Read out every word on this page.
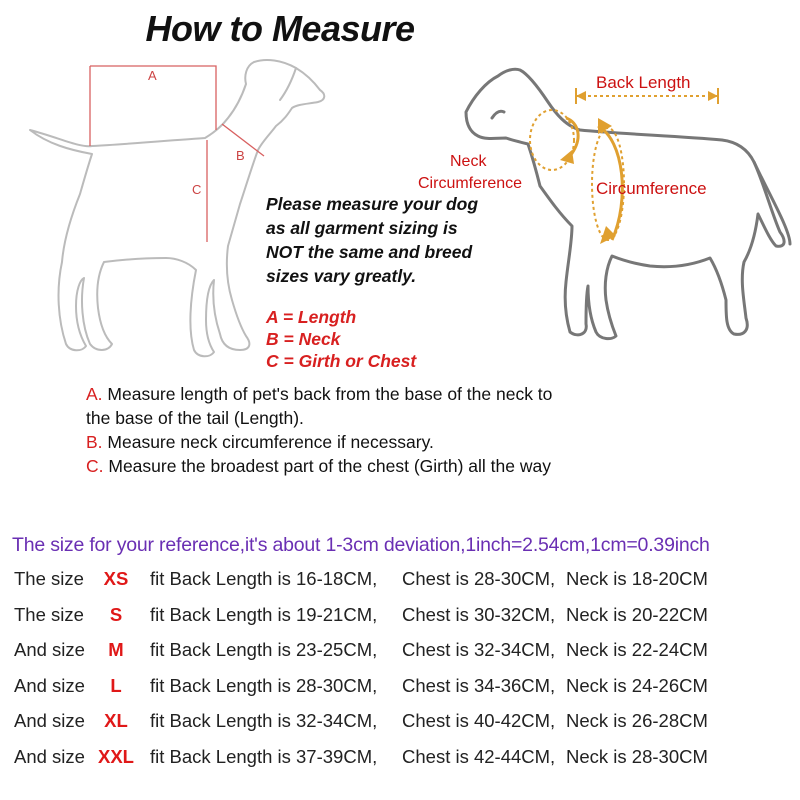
How to Measure
A
B
C
Back Length
Neck
Circumference	Circumference
Please measure your dog
as all garment sizing is
NOT the same and breed
sizes vary greatly.
A = Length
B = Neck
C = Girth or Chest
A. Measure length of pet's back from the base of the neck to
the base of the tail (Length).
B. Measure neck circumference if necessary.
C. Measure the broadest part of the chest (Girth) all the way
The size for your reference,it's about 1-3cm deviation,1inch=2.54cm,1cm=0.39inch
The size	XS	fit Back Length is 16-18CM, Chest is 28-30CM, Neck is 18-20CM
The size	S	fit Back Length is 19-21CM, Chest is 30-32CM, Neck is 20-22CM
And size	M	fit Back Length is 23-25CM, Chest is 32-34CM, Neck is 22-24CM
And size	L	fit Back Length is 28-30CM, Chest is 34-36CM, Neck is 24-26CM
And size	XL	fit Back Length is 32-34CM, Chest is 40-42CM, Neck is 26-28CM
And size XXL fit Back Length is 37-39CM, Chest is 42-44CM, Neck is 28-30CM
